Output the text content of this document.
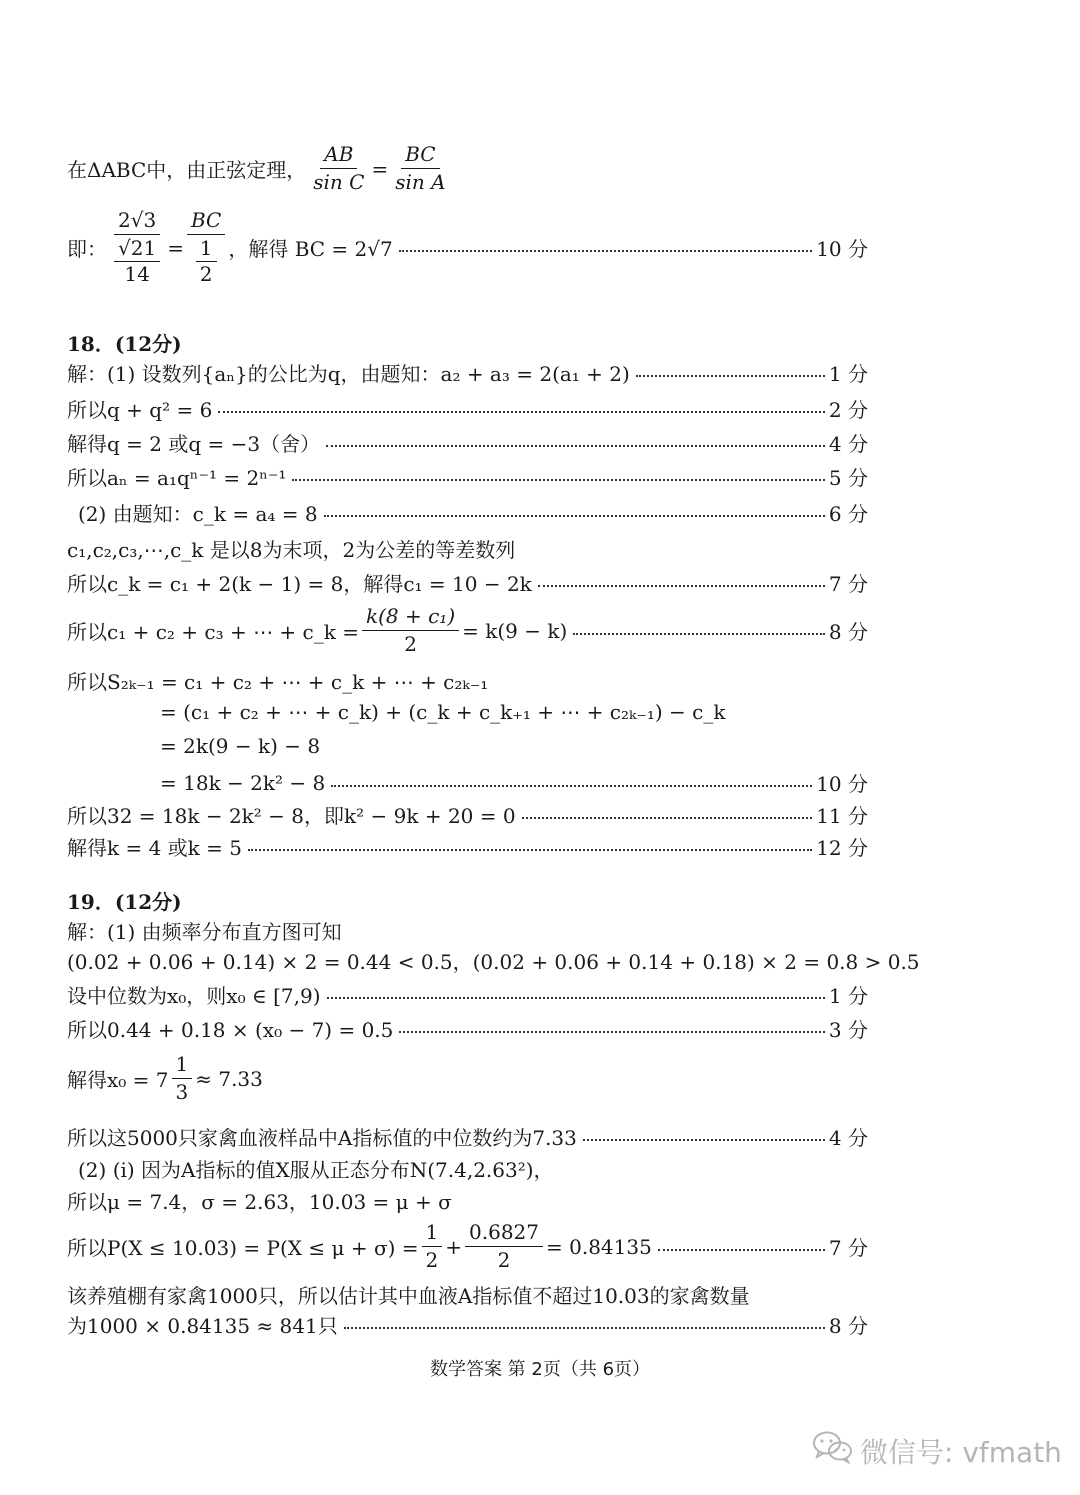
在ΔABC中，由正弦定理， $\frac{AB}{\text{sin C}} = \frac{BC}{\text{sin A}}$
即： $\frac{2√3}{\frac{√21}{14}} = \frac{BC}{\frac{1}{2}}$ ，解得 BC = 2√7	10 分
18．(12分)
解：(1) 设数列{aₙ}的公比为q，由题知：a₂ + a₃ = 2(a₁ + 2)	1 分
所以q + q² = 6	2 分
解得q = 2 或q = −3（舍）	4 分
所以aₙ = a₁qⁿ⁻¹ = 2ⁿ⁻¹	5 分
(2) 由题知：c_k = a₄ = 8	6 分
c₁,c₂,c₃,⋯,c_k 是以8为末项，2为公差的等差数列
所以c_k = c₁ + 2(k − 1) = 8，解得c₁ = 10 − 2k	7 分
所以c₁ + c₂ + c₃ + ⋯ + c_k = $\frac{\text{k(8 + c₁)}}{2} = k(9 - k)$	8 分
所以S₂ₖ₋₁ = c₁ + c₂ + ⋯ + c_k + ⋯ + c₂ₖ₋₁
= (c₁ + c₂ + ⋯ + c_k) + (c_k + c_k₊₁ + ⋯ + c₂ₖ₋₁) − c_k
= 2k(9 − k) − 8
= 18k − 2k² − 8	10 分
所以32 = 18k − 2k² − 8，即k² − 9k + 20 = 0	11 分
解得k = 4 或k = 5	12 分
19．(12分)
解：(1) 由频率分布直方图可知
(0.02 + 0.06 + 0.14) × 2 = 0.44 < 0.5，(0.02 + 0.06 + 0.14 + 0.18) × 2 = 0.8 > 0.5
设中位数为x₀，则x₀ ∈ [7,9)	1 分
所以0.44 + 0.18 × (x₀ − 7) = 0.5	3 分
解得$x_0 = 7 \frac{1}{3} \approx 7.33$
所以这5000只家禽血液样品中A指标值的中位数约为7.33	4 分
(2) (i) 因为A指标的值X服从正态分布N(7.4,2.63²)，
所以μ = 7.4，σ = 2.63，10.03 = μ + σ
所以$P(X \le 10.03) = P(X \le \mu + \sigma) = \frac{1}{2} + \frac{0.6827}{2} = 0.84135$	7 分
该养殖棚有家禽1000只，所以估计其中血液A指标值不超过10.03的家禽数量
为1000 × 0.84135 ≈ 841只	8 分
数学答案 第 2页（共 6页）
微信号: vfmath
